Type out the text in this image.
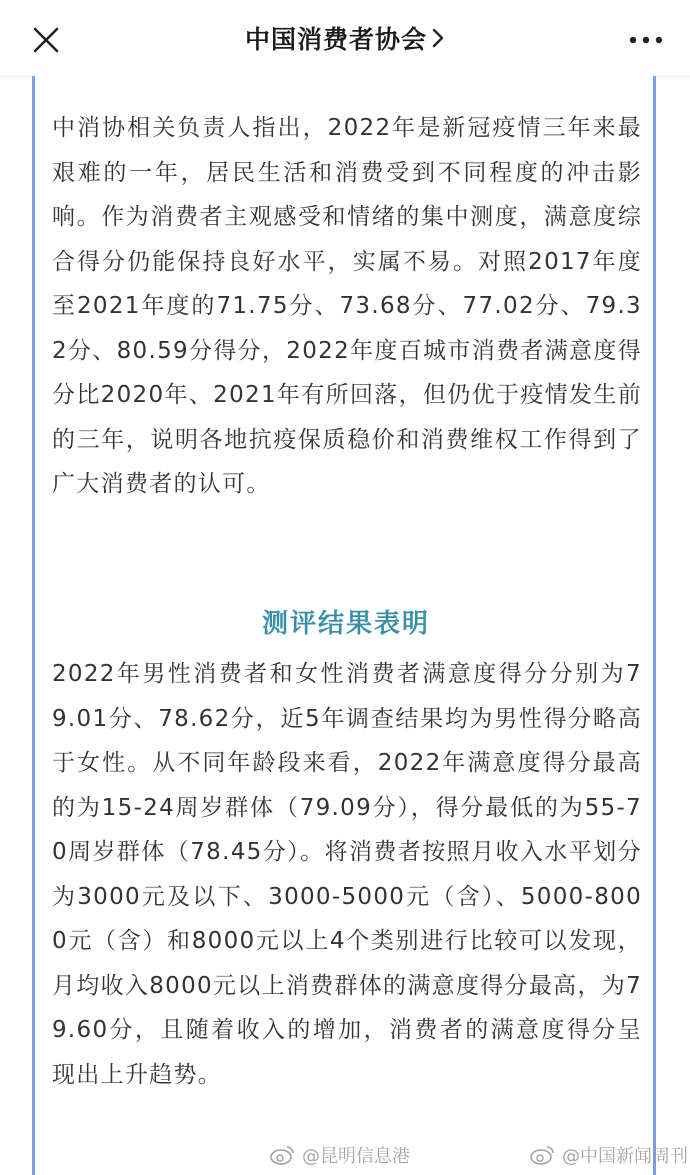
中国消费者协会

中消协相关负责人指出，2022年是新冠疫情三年来最艰难的一年，居民生活和消费受到不同程度的冲击影响。作为消费者主观感受和情绪的集中测度，满意度综合得分仍能保持良好水平，实属不易。对照2017年度至2021年度的71.75分、73.68分、77.02分、79.32分、80.59分得分，2022年度百城市消费者满意度得分比2020年、2021年有所回落，但仍优于疫情发生前的三年，说明各地抗疫保质稳价和消费维权工作得到了广大消费者的认可。

测评结果表明

2022年男性消费者和女性消费者满意度得分分别为79.01分、78.62分，近5年调查结果均为男性得分略高于女性。从不同年龄段来看，2022年满意度得分最高的为15-24周岁群体（79.09分），得分最低的为55-70周岁群体（78.45分）。将消费者按照月收入水平划分为3000元及以下、3000-5000元（含）、5000-8000元（含）和8000元以上4个类别进行比较可以发现，月均收入8000元以上消费群体的满意度得分最高，为79.60分，且随着收入的增加，消费者的满意度得分呈现出上升趋势。

@昆明信息港	@中国新闻周刊
